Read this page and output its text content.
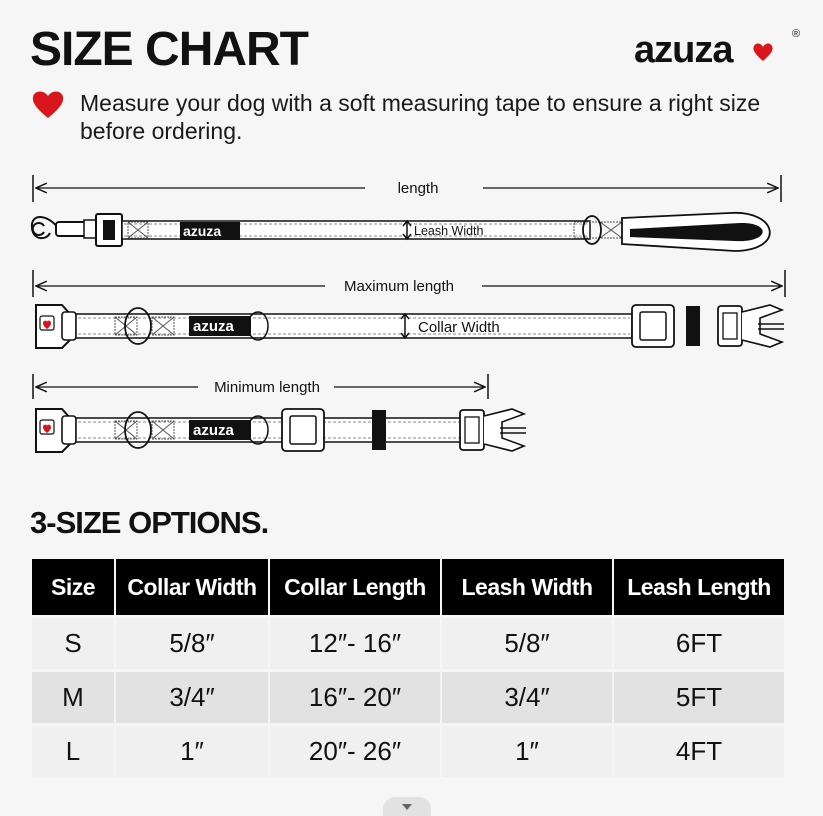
SIZE CHART	azuza	®

Measure your dog with a soft measuring tape to ensure a right size before ordering.

length
azuza	Leash Width
Maximum length
azuza	Collar Width
Minimum length
azuza
3-SIZE OPTIONS.
Size	Collar Width	Collar Length	Leash Width	Leash Length
S	5/8″	12″- 16″	5/8″	6FT
M	3/4″	16″- 20″	3/4″	5FT
L	1″	20″- 26″	1″	4FT
